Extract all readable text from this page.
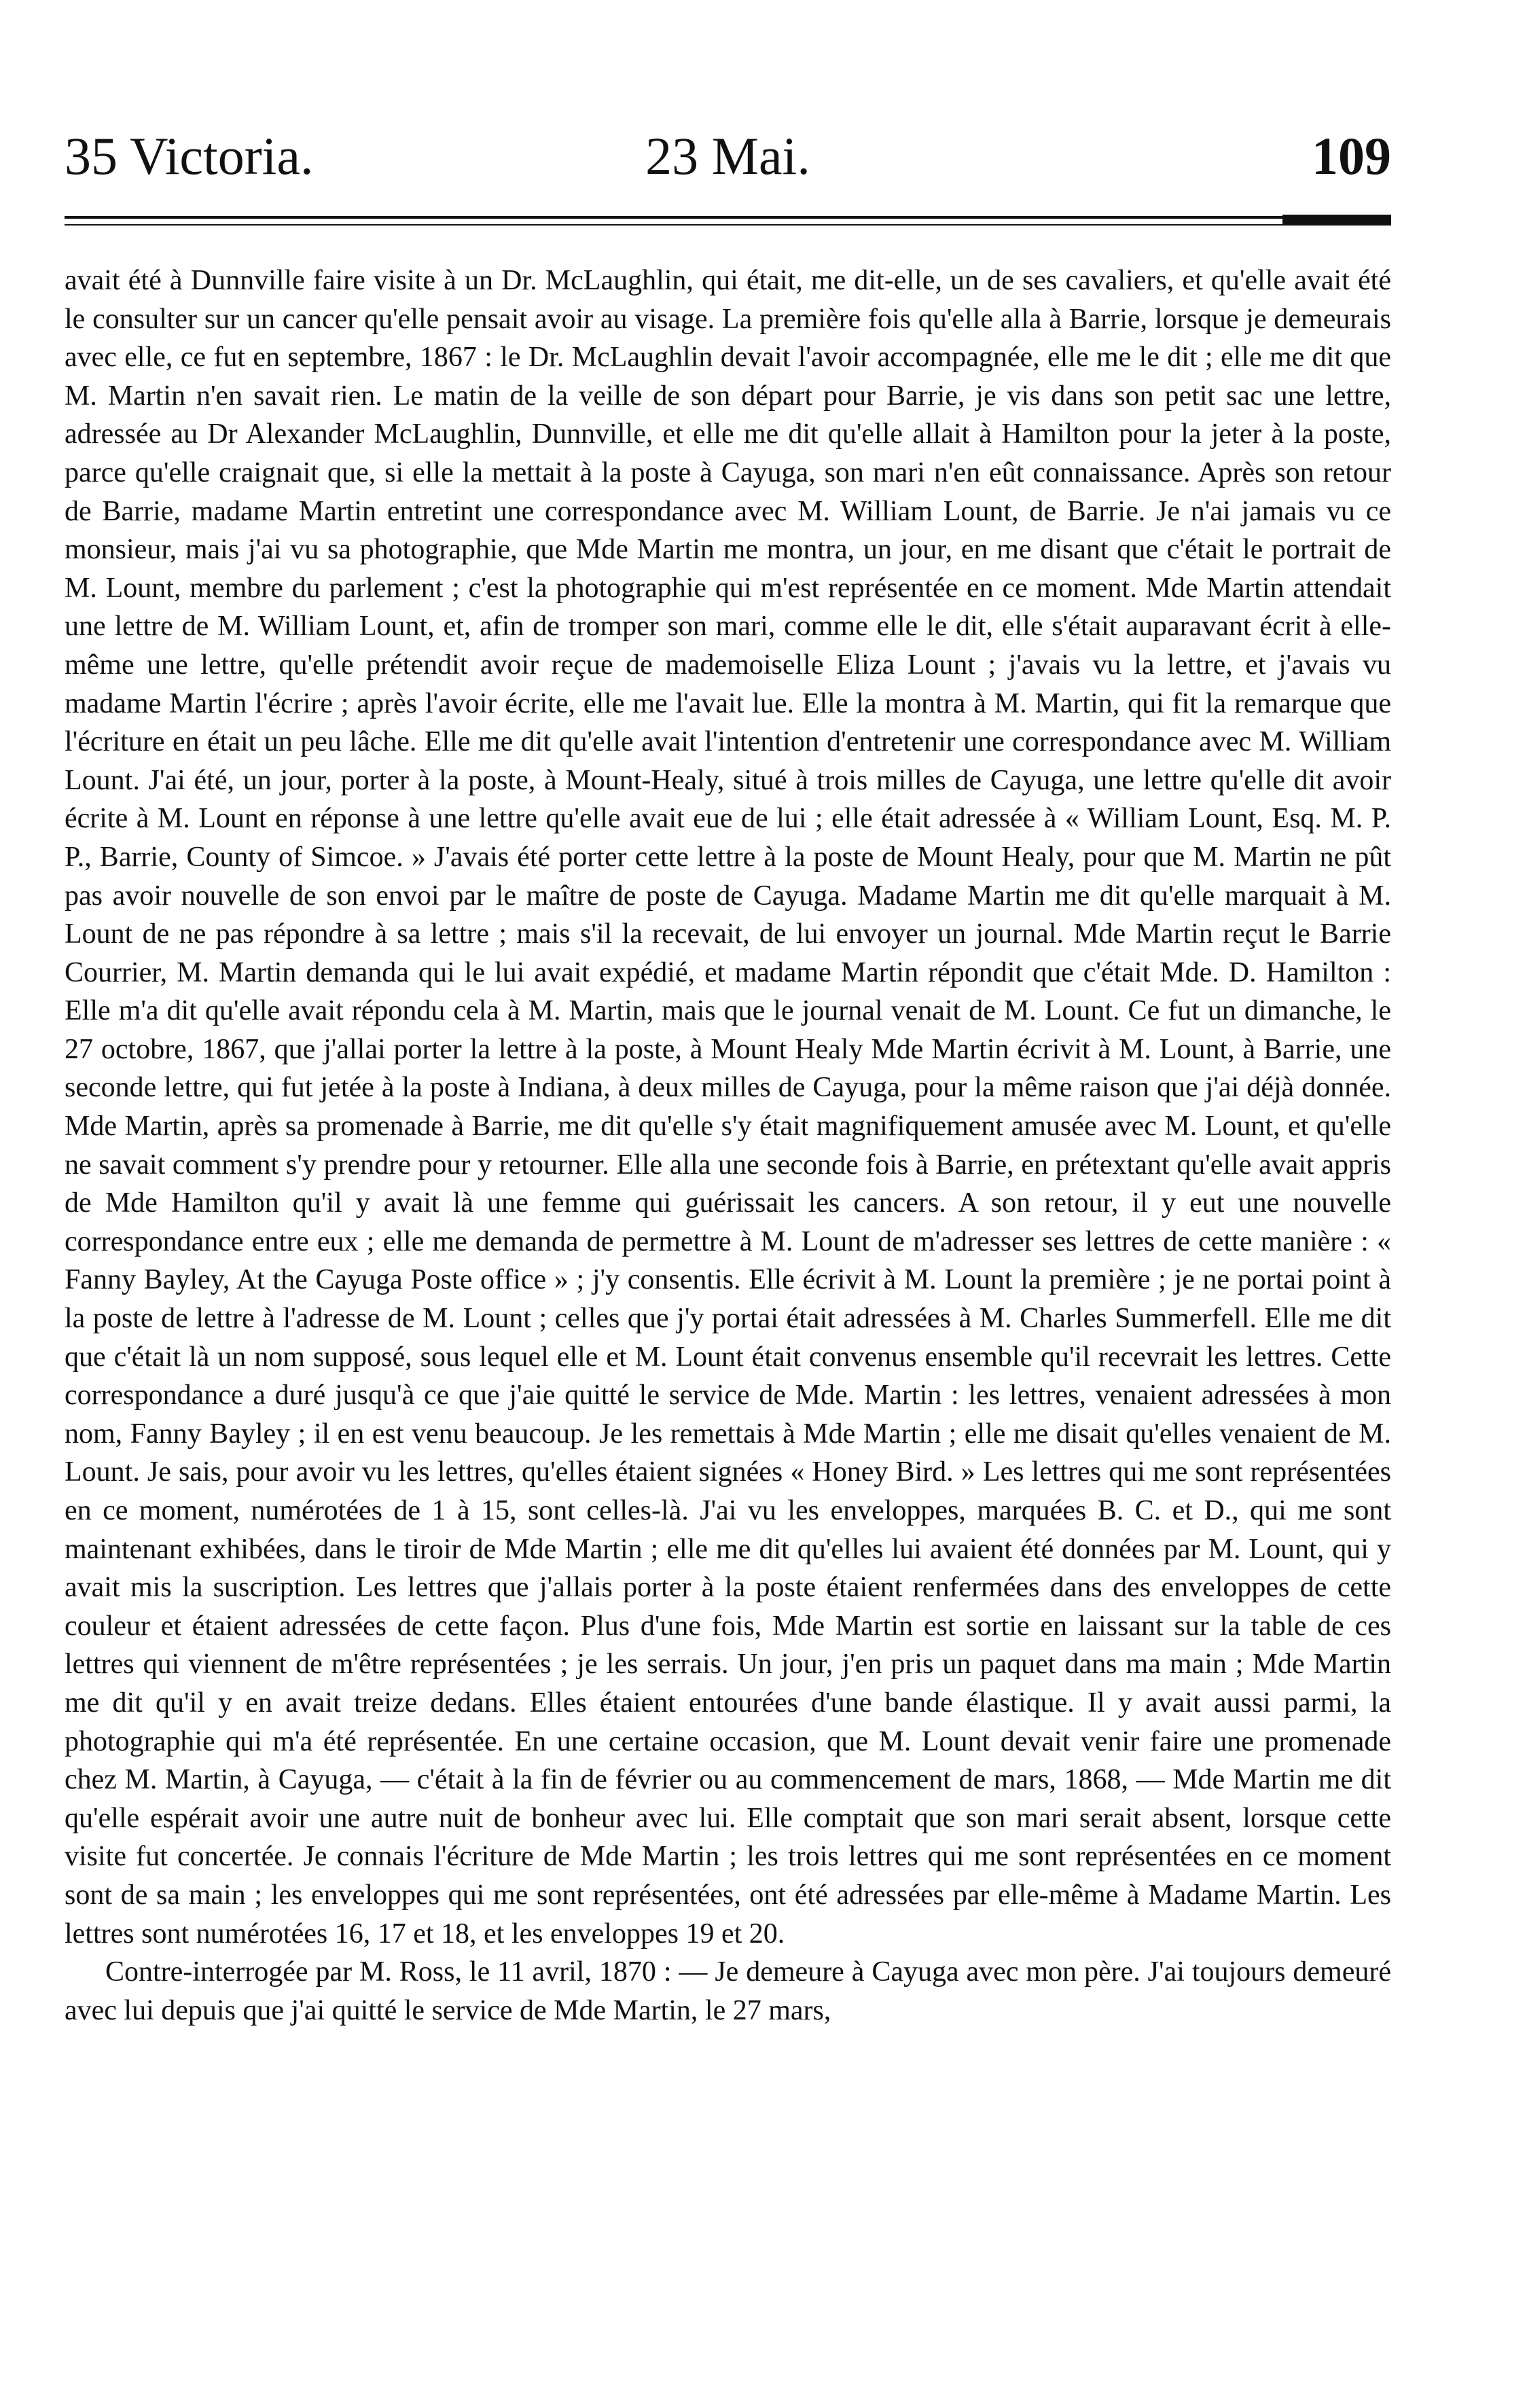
35 Victoria.	23 Mai.	109

avait été à Dunnville faire visite à un Dr. McLaughlin, qui était, me dit-elle, un de ses cavaliers, et qu'elle avait été le consulter sur un cancer qu'elle pensait avoir au visage. La première fois qu'elle alla à Barrie, lorsque je demeurais avec elle, ce fut en septembre, 1867 : le Dr. McLaughlin devait l'avoir accompagnée, elle me le dit ; elle me dit que M. Martin n'en savait rien. Le matin de la veille de son départ pour Barrie, je vis dans son petit sac une lettre, adressée au Dr Alexander McLaughlin, Dunnville, et elle me dit qu'elle allait à Hamilton pour la jeter à la poste, parce qu'elle craignait que, si elle la mettait à la poste à Cayuga, son mari n'en eût connaissance. Après son retour de Barrie, madame Martin entretint une correspondance avec M. William Lount, de Barrie. Je n'ai jamais vu ce monsieur, mais j'ai vu sa photographie, que Mde Martin me montra, un jour, en me disant que c'était le portrait de M. Lount, membre du parlement ; c'est la photographie qui m'est représentée en ce moment. Mde Martin attendait une lettre de M. William Lount, et, afin de tromper son mari, comme elle le dit, elle s'était auparavant écrit à elle-même une lettre, qu'elle prétendit avoir reçue de mademoiselle Eliza Lount ; j'avais vu la lettre, et j'avais vu madame Martin l'écrire ; après l'avoir écrite, elle me l'avait lue. Elle la montra à M. Martin, qui fit la remarque que l'écriture en était un peu lâche. Elle me dit qu'elle avait l'intention d'entretenir une correspondance avec M. William Lount. J'ai été, un jour, porter à la poste, à Mount-Healy, situé à trois milles de Cayuga, une lettre qu'elle dit avoir écrite à M. Lount en réponse à une lettre qu'elle avait eue de lui ; elle était adressée à « William Lount, Esq. M. P. P., Barrie, County of Simcoe. » J'avais été porter cette lettre à la poste de Mount Healy, pour que M. Martin ne pût pas avoir nouvelle de son envoi par le maître de poste de Cayuga. Madame Martin me dit qu'elle marquait à M. Lount de ne pas répondre à sa lettre ; mais s'il la recevait, de lui envoyer un journal. Mde Martin reçut le Barrie Courrier, M. Martin demanda qui le lui avait expédié, et madame Martin répondit que c'était Mde. D. Hamilton : Elle m'a dit qu'elle avait répondu cela à M. Martin, mais que le journal venait de M. Lount. Ce fut un dimanche, le 27 octobre, 1867, que j'allai porter la lettre à la poste, à Mount Healy Mde Martin écrivit à M. Lount, à Barrie, une seconde lettre, qui fut jetée à la poste à Indiana, à deux milles de Cayuga, pour la même raison que j'ai déjà donnée. Mde Martin, après sa promenade à Barrie, me dit qu'elle s'y était magnifiquement amusée avec M. Lount, et qu'elle ne savait comment s'y prendre pour y retourner. Elle alla une seconde fois à Barrie, en prétextant qu'elle avait appris de Mde Hamilton qu'il y avait là une femme qui guérissait les cancers. A son retour, il y eut une nouvelle correspondance entre eux ; elle me demanda de permettre à M. Lount de m'adresser ses lettres de cette manière : « Fanny Bayley, At the Cayuga Poste office » ; j'y consentis. Elle écrivit à M. Lount la première ; je ne portai point à la poste de lettre à l'adresse de M. Lount ; celles que j'y portai était adressées à M. Charles Summerfell. Elle me dit que c'était là un nom supposé, sous lequel elle et M. Lount était convenus ensemble qu'il recevrait les lettres. Cette correspondance a duré jusqu'à ce que j'aie quitté le service de Mde. Martin : les lettres, venaient adressées à mon nom, Fanny Bayley ; il en est venu beaucoup. Je les remettais à Mde Martin ; elle me disait qu'elles venaient de M. Lount. Je sais, pour avoir vu les lettres, qu'elles étaient signées « Honey Bird. » Les lettres qui me sont représentées en ce moment, numérotées de 1 à 15, sont celles-là. J'ai vu les enveloppes, marquées B. C. et D., qui me sont maintenant exhibées, dans le tiroir de Mde Martin ; elle me dit qu'elles lui avaient été données par M. Lount, qui y avait mis la suscription. Les lettres que j'allais porter à la poste étaient renfermées dans des enveloppes de cette couleur et étaient adressées de cette façon. Plus d'une fois, Mde Martin est sortie en laissant sur la table de ces lettres qui viennent de m'être représentées ; je les serrais. Un jour, j'en pris un paquet dans ma main ; Mde Martin me dit qu'il y en avait treize dedans. Elles étaient entourées d'une bande élastique. Il y avait aussi parmi, la photographie qui m'a été représentée. En une certaine occasion, que M. Lount devait venir faire une promenade chez M. Martin, à Cayuga, — c'était à la fin de février ou au commencement de mars, 1868, — Mde Martin me dit qu'elle espérait avoir une autre nuit de bonheur avec lui. Elle comptait que son mari serait absent, lorsque cette visite fut concertée. Je connais l'écriture de Mde Martin ; les trois lettres qui me sont représentées en ce moment sont de sa main ; les enveloppes qui me sont représentées, ont été adressées par elle-même à Madame Martin. Les lettres sont numérotées 16, 17 et 18, et les enveloppes 19 et 20.

Contre-interrogée par M. Ross, le 11 avril, 1870 : — Je demeure à Cayuga avec mon père. J'ai toujours demeuré avec lui depuis que j'ai quitté le service de Mde Martin, le 27 mars,
